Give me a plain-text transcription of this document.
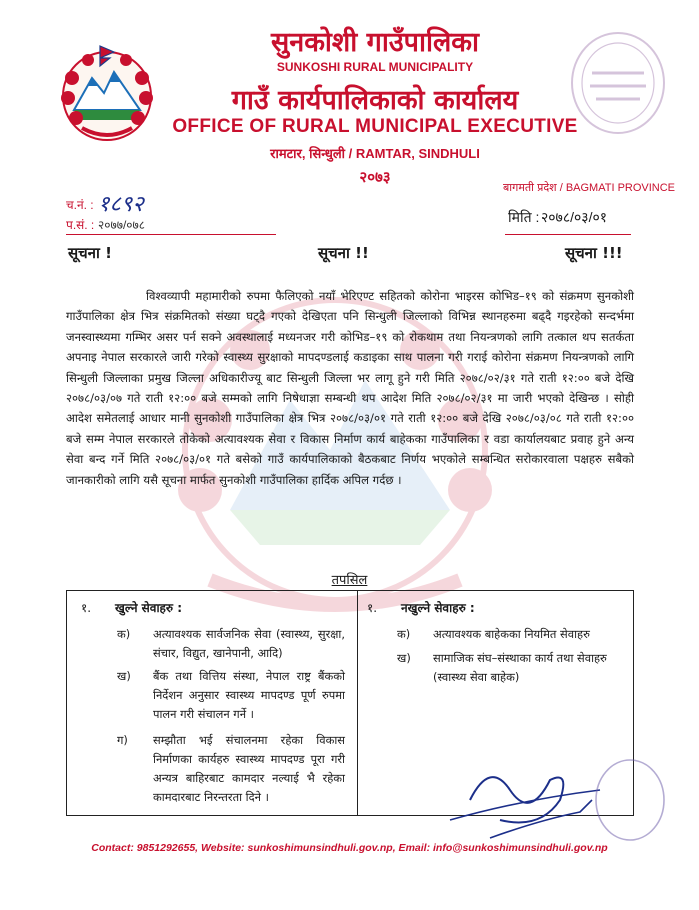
सुनकोशी गाउँपालिका
SUNKOSHI RURAL MUNICIPALITY
गाउँ कार्यपालिकाको कार्यालय
OFFICE OF RURAL MUNICIPAL EXECUTIVE
रामटार, सिन्धुली / RAMTAR, SINDHULI
२०७३
च.नं. : १८९२
प.सं. : २०७७/०७८
बागमती प्रदेश / BAGMATI PROVINCE
मिति : २०७८/०३/०१
सूचना !	सूचना !!	सूचना !!!
विश्वव्यापी महामारीको रुपमा फैलिएको नयाँ भेरिएण्ट सहितको कोरोना भाइरस कोभिड–१९ को संक्रमण सुनकोशी गाउँपालिका क्षेत्र भित्र संक्रमितको संख्या घट्दै गएको देखिएता पनि सिन्धुली जिल्लाको विभिन्न स्थानहरुमा बढ्दै गइरहेको सन्दर्भमा जनस्वास्थ्यमा गम्भिर असर पर्न सक्ने अवस्थालाई मध्यनजर गरी कोभिड–१९ को रोकथाम तथा नियन्त्रणको लागि तत्काल थप सतर्कता अपनाइ नेपाल सरकारले जारी गरेको स्वास्थ्य सुरक्षाको मापदण्डलाई कडाइका साथ पालना गरी गराई कोरोना संक्रमण नियन्त्रणको लागि सिन्धुली जिल्लाका प्रमुख जिल्ला अधिकारीज्यू बाट सिन्धुली जिल्ला भर लागू हुने गरी मिति २०७८/०२/३१ गते राती १२:०० बजे देखि २०७८/०३/०७ गते राती १२:०० बजे सम्मको लागि निषेधाज्ञा सम्बन्धी थप आदेश मिति २०७८/०२/३१ मा जारी भएको देखिन्छ । सोही आदेश समेतलाई आधार मानी सुनकोशी गाउँपालिका क्षेत्र भित्र २०७८/०३/०१ गते राती १२:०० बजे देखि २०७८/०३/०८ गते राती १२:०० बजे सम्म नेपाल सरकारले तोकेको अत्यावश्यक सेवा र विकास निर्माण कार्य बाहेकका गाउँपालिका र वडा कार्यालयबाट प्रवाह हुने अन्य सेवा बन्द गर्ने मिति २०७८/०३/०१ गते बसेको गाउँ कार्यपालिकाको बैठकबाट निर्णय भएकोले सम्बन्धित सरोकारवाला पक्षहरु सबैको जानकारीको लागि यसै सूचना मार्फत सुनकोशी गाउँपालिका हार्दिक अपिल गर्दछ ।
तपसिल
१. खुल्ने सेवाहरु :
क) अत्यावश्यक सार्वजनिक सेवा (स्वास्थ्य, सुरक्षा, संचार, विद्युत, खानेपानी, आदि)
ख) बैंक तथा वित्तिय संस्था, नेपाल राष्ट्र बैंकको निर्देशन अनुसार स्वास्थ्य मापदण्ड पूर्ण रुपमा पालन गरी संचालन गर्ने ।
ग) सम्झौता भई संचालनमा रहेका विकास निर्माणका कार्यहरु स्वास्थ्य मापदण्ड पूरा गरी अन्यत्र बाहिरबाट कामदार नल्याई भै रहेका कामदारबाट निरन्तरता दिने ।
१. नखुल्ने सेवाहरु :
क) अत्यावश्यक बाहेकका नियमित सेवाहरु
ख) सामाजिक संघ–संस्थाका कार्य तथा सेवाहरु (स्वास्थ्य सेवा बाहेक)
Contact: 9851292655, Website: sunkoshimunsindhuli.gov.np, Email: info@sunkoshimunsindhuli.gov.np
